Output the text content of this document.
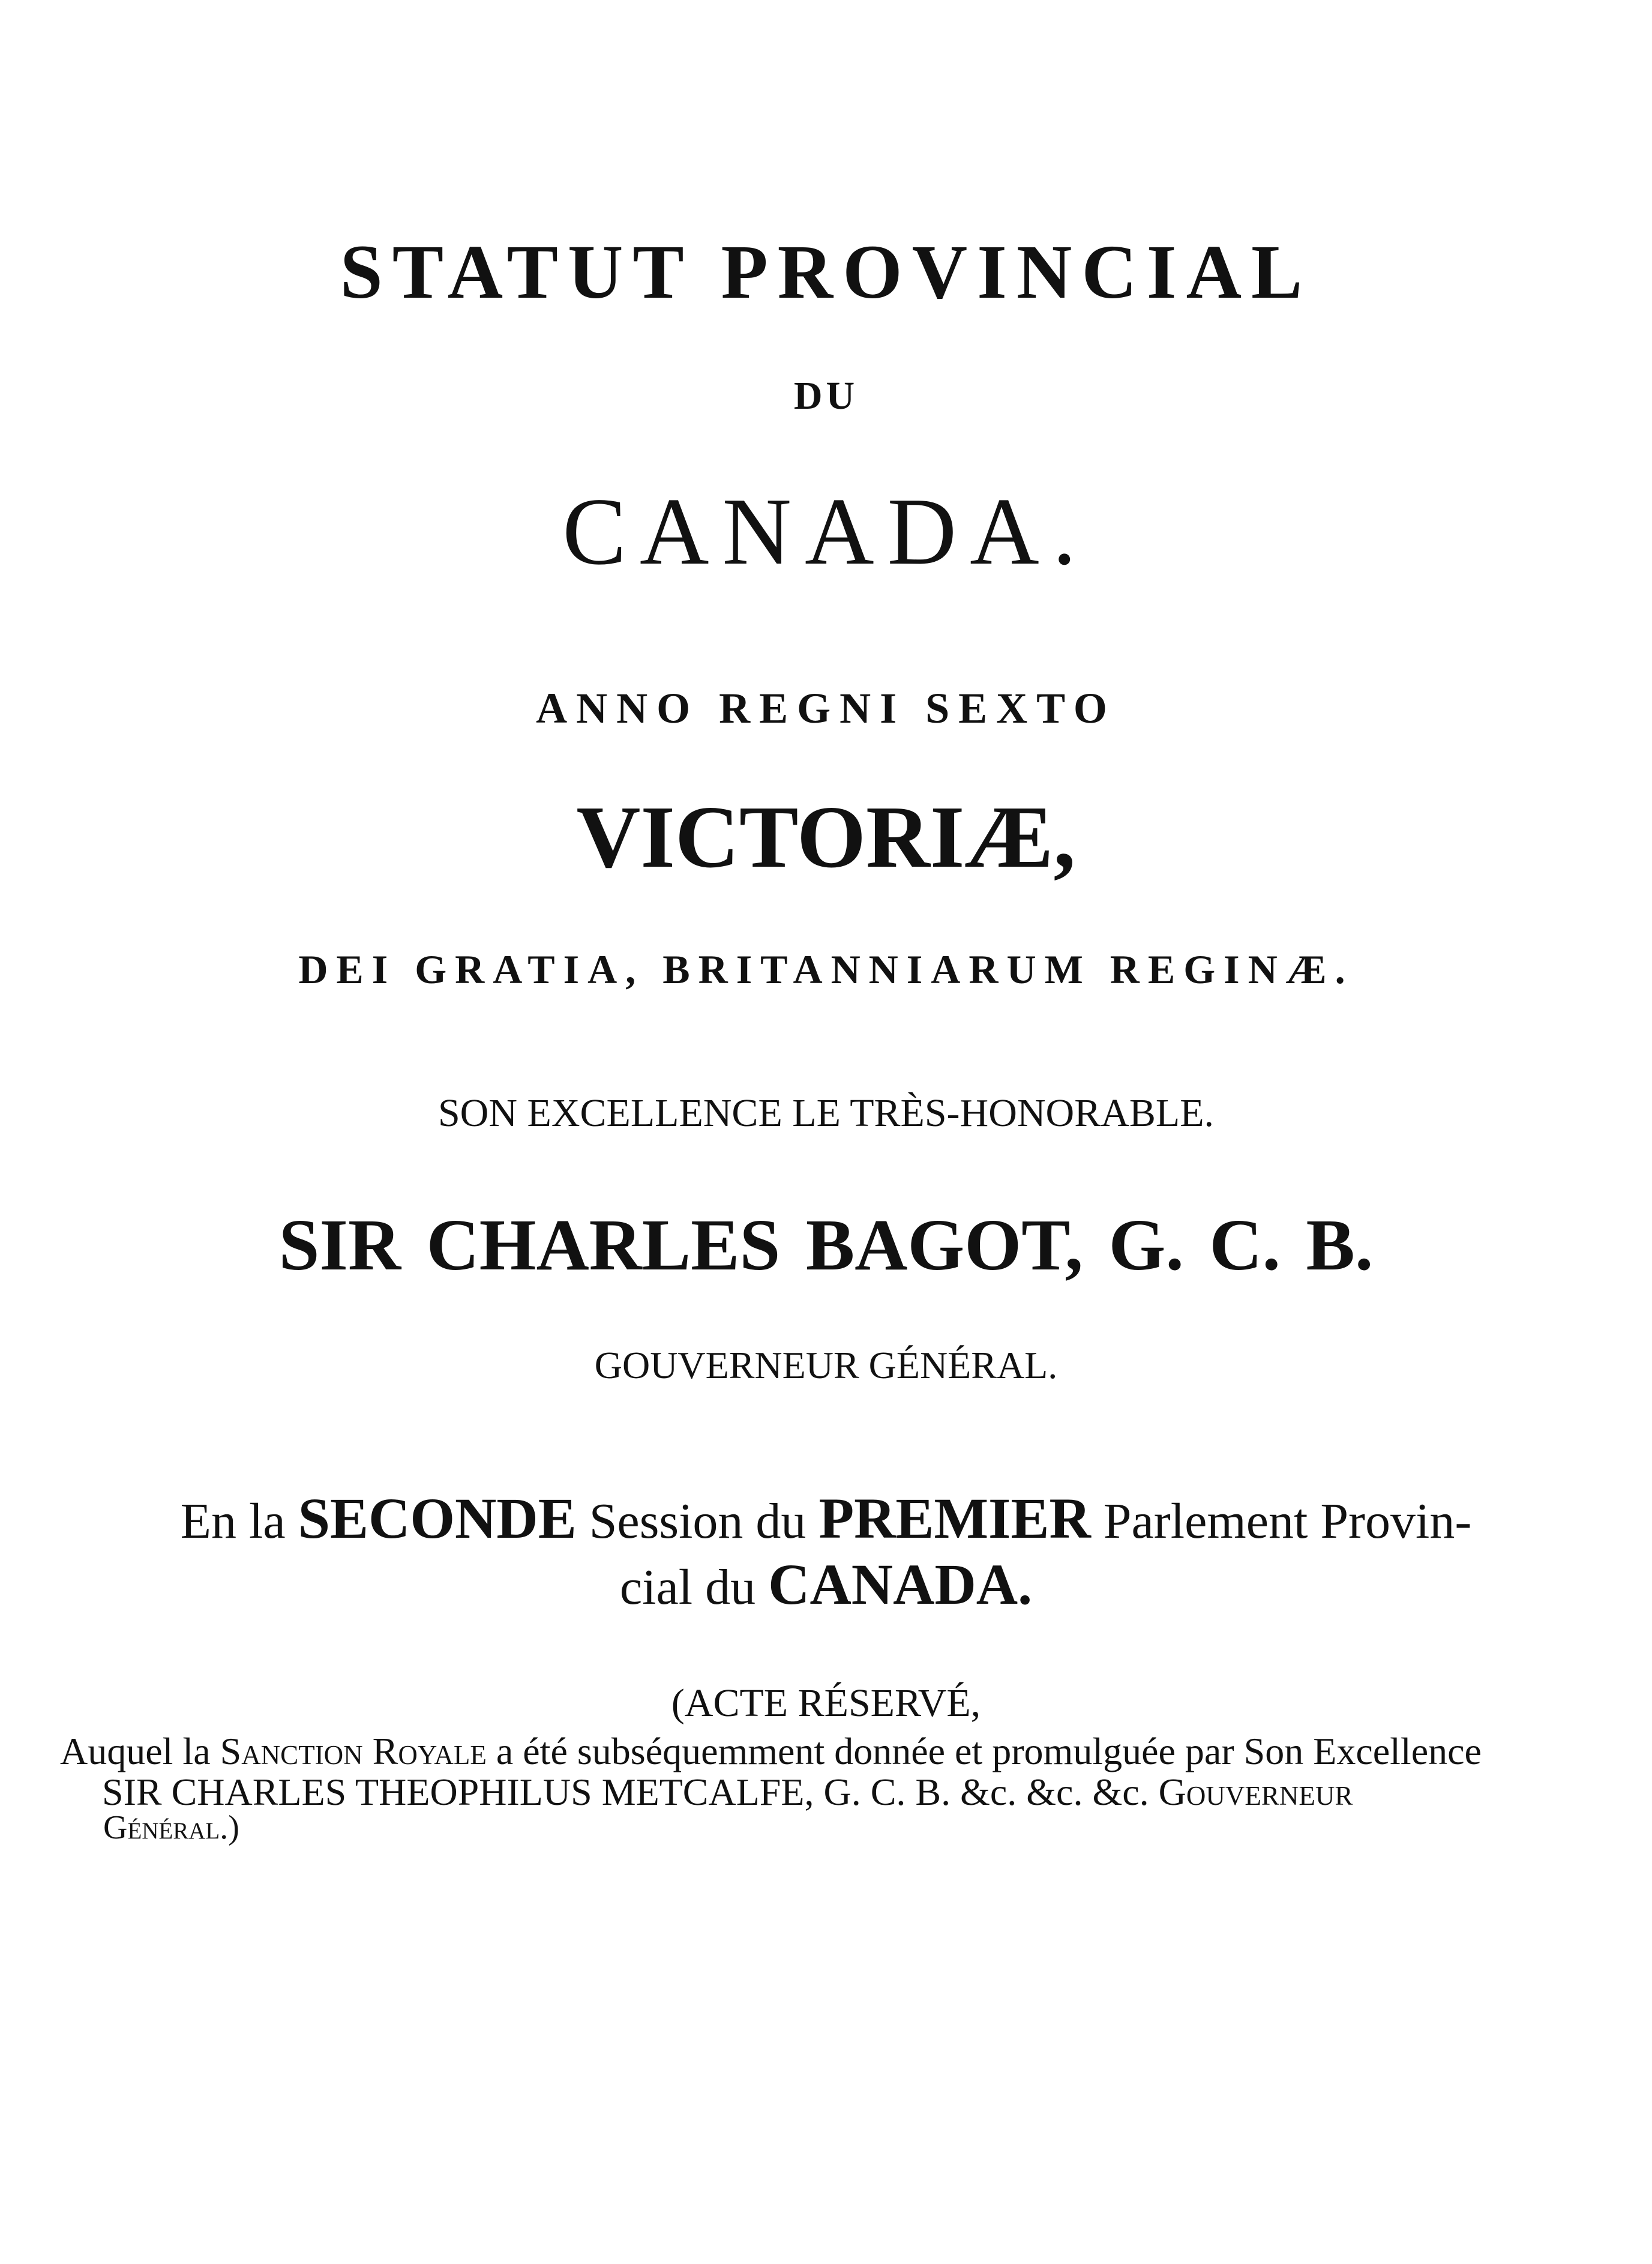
STATUT PROVINCIAL
DU
CANADA.
ANNO REGNI SEXTO
VICTORIÆ,
DEI GRATIA, BRITANNIARUM REGINÆ.
SON EXCELLENCE LE TRÈS-HONORABLE.
SIR CHARLES BAGOT, G. C. B.
GOUVERNEUR GÉNÉRAL.
En la SECONDE Session du PREMIER Parlement Provin-
cial du CANADA.
(ACTE RÉSERVÉ,
Auquel la Sanction Royale a été subséquemment donnée et promulguée par Son Excellence
SIR CHARLES THEOPHILUS METCALFE, G. C. B. &c. &c. &c. Gouverneur
Général.)
